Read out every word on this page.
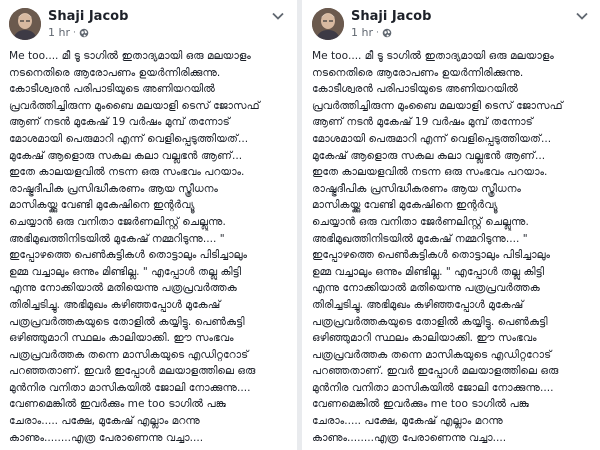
Shaji Jacob
1 hr ·
Me too.... മീ ടൂ ടാഗിൽ ഇതാദ്യമായി ഒരു മലയാളം
നടനെതിരെ ആരോപണം ഉയർന്നിരിക്കുന്നു.
കോടീശ്വരൻ പരിപാടിയുടെ അണിയറയിൽ
പ്രവർത്തിച്ചിരുന്ന മുംബൈ മലയാളി ടെസ് ജോസഫ്
ആണ് നടൻ മുകേഷ് 19 വർഷം മുമ്പ് തന്നോട്
മോശമായി പെരുമാറി എന്ന് വെളിപ്പെടുത്തിയത്...
മുകേഷ് ആളൊരു സകല കലാ വല്ലഭൻ ആണ്...
ഇതേ കാലയളവിൽ നടന്ന ഒരു സംഭവം പറയാം.
രാഷ്ട്രദീപിക പ്രസിദ്ധീകരണം ആയ സ്ത്രീധനം
മാസികയ്ക്കു വേണ്ടി മുകേഷിനെ ഇന്റർവ്യൂ
ചെയ്യാൻ ഒരു വനിതാ ജേർണലിസ്റ്റ് ചെല്ലുന്നു.
അഭിമുഖത്തിനിടയിൽ മുകേഷ് നമ്മറിടുന്നു.... "
ഇപ്പോഴത്തെ പെൺകുട്ടികൾ തൊട്ടാലും പിടിച്ചാലും
ഉമ്മ വച്ചാലും ഒന്നും മിണ്ടില്ല. " എപ്പോൾ തല്ലു കിട്ടി
എന്നു നോക്കിയാൽ മതിയെന്നു പത്രപ്രവർത്തക
തിരിച്ചടിച്ചു. അഭിമുഖം കഴിഞ്ഞപ്പോൾ മുകേഷ്
പത്രപ്രവർത്തകയുടെ തോളിൽ കയ്യിട്ടു. പെൺകുട്ടി
ഒഴിഞ്ഞുമാറി സ്ഥലം കാലിയാക്കി. ഈ സംഭവം
പത്രപ്രവർത്തക തന്നെ മാസികയുടെ എഡിറ്ററോട്
പറഞ്ഞതാണ്. ഇവർ ഇപ്പോൾ മലയാളത്തിലെ ഒരു
മുൻനിര വനിതാ മാസികയിൽ ജോലി നോക്കുന്നു....
വേണമെങ്കിൽ ഇവർക്കും me too ടാഗിൽ പങ്കു
ചേരാം..... പക്ഷേ, മുകേഷ് എല്ലാം മറന്നു
കാണും........എത്ര പേരാണെന്നു വച്ചാ....
Shaji Jacob
1 hr ·
Me too.... മീ ടൂ ടാഗിൽ ഇതാദ്യമായി ഒരു മലയാളം
നടനെതിരെ ആരോപണം ഉയർന്നിരിക്കുന്നു.
കോടീശ്വരൻ പരിപാടിയുടെ അണിയറയിൽ
പ്രവർത്തിച്ചിരുന്ന മുംബൈ മലയാളി ടെസ് ജോസഫ്
ആണ് നടൻ മുകേഷ് 19 വർഷം മുമ്പ് തന്നോട്
മോശമായി പെരുമാറി എന്ന് വെളിപ്പെടുത്തിയത്...
മുകേഷ് ആളൊരു സകല കലാ വല്ലഭൻ ആണ്...
ഇതേ കാലയളവിൽ നടന്ന ഒരു സംഭവം പറയാം.
രാഷ്ട്രദീപിക പ്രസിദ്ധീകരണം ആയ സ്ത്രീധനം
മാസികയ്ക്കു വേണ്ടി മുകേഷിനെ ഇന്റർവ്യൂ
ചെയ്യാൻ ഒരു വനിതാ ജേർണലിസ്റ്റ് ചെല്ലുന്നു.
അഭിമുഖത്തിനിടയിൽ മുകേഷ് നമ്മറിടുന്നു.... "
ഇപ്പോഴത്തെ പെൺകുട്ടികൾ തൊട്ടാലും പിടിച്ചാലും
ഉമ്മ വച്ചാലും ഒന്നും മിണ്ടില്ല. " എപ്പോൾ തല്ലു കിട്ടി
എന്നു നോക്കിയാൽ മതിയെന്നു പത്രപ്രവർത്തക
തിരിച്ചടിച്ചു. അഭിമുഖം കഴിഞ്ഞപ്പോൾ മുകേഷ്
പത്രപ്രവർത്തകയുടെ തോളിൽ കയ്യിട്ടു. പെൺകുട്ടി
ഒഴിഞ്ഞുമാറി സ്ഥലം കാലിയാക്കി. ഈ സംഭവം
പത്രപ്രവർത്തക തന്നെ മാസികയുടെ എഡിറ്ററോട്
പറഞ്ഞതാണ്. ഇവർ ഇപ്പോൾ മലയാളത്തിലെ ഒരു
മുൻനിര വനിതാ മാസികയിൽ ജോലി നോക്കുന്നു....
വേണമെങ്കിൽ ഇവർക്കും me too ടാഗിൽ പങ്കു
ചേരാം..... പക്ഷേ, മുകേഷ് എല്ലാം മറന്നു
കാണും........എത്ര പേരാണെന്നു വച്ചാ....
